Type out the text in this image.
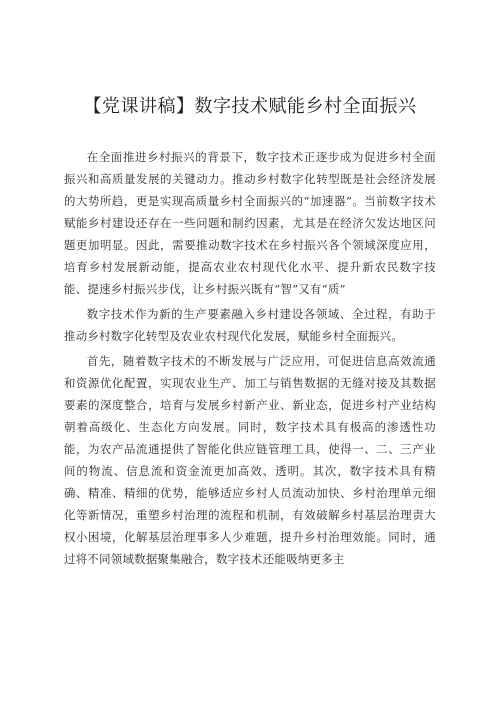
【党课讲稿】数字技术赋能乡村全面振兴

在全面推进乡村振兴的背景下，数字技术正逐步成为促进乡村全面振兴和高质量发展的关键动力。推动乡村数字化转型既是社会经济发展的大势所趋，更是实现高质量乡村全面振兴的“加速器”。当前数字技术赋能乡村建设还存在一些问题和制约因素，尤其是在经济欠发达地区问题更加明显。因此，需要推动数字技术在乡村振兴各个领域深度应用，培育乡村发展新动能，提高农业农村现代化水平、提升新农民数字技能、提速乡村振兴步伐，让乡村振兴既有“智”又有“质”

数字技术作为新的生产要素融入乡村建设各领域、全过程，有助于推动乡村数字化转型及农业农村现代化发展，赋能乡村全面振兴。

首先，随着数字技术的不断发展与广泛应用，可促进信息高效流通和资源优化配置，实现农业生产、加工与销售数据的无缝对接及其数据要素的深度整合，培育与发展乡村新产业、新业态，促进乡村产业结构朝着高级化、生态化方向发展。同时，数字技术具有极高的渗透性功能，为农产品流通提供了智能化供应链管理工具，使得一、二、三产业间的物流、信息流和资金流更加高效、透明。其次，数字技术具有精确、精准、精细的优势，能够适应乡村人员流动加快、乡村治理单元细化等新情况，重塑乡村治理的流程和机制，有效破解乡村基层治理责大权小困境，化解基层治理事多人少难题，提升乡村治理效能。同时，通过将不同领域数据聚集融合，数字技术还能吸纳更多主
